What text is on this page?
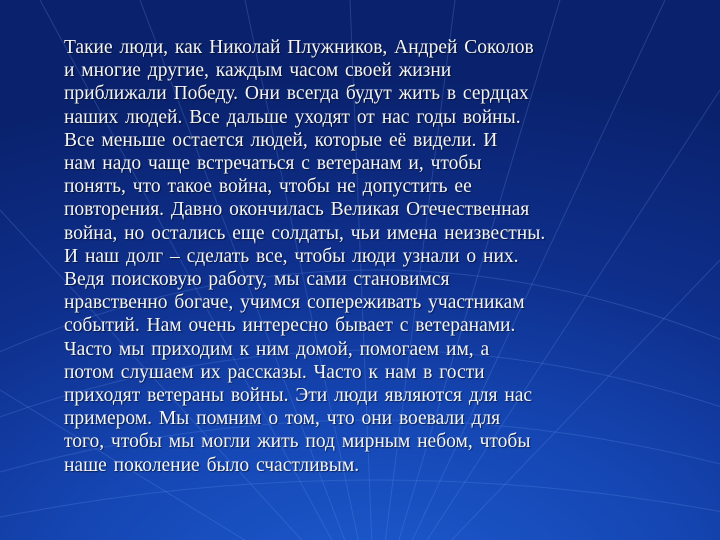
Такие люди, как Николай Плужников, Андрей Соколов
и многие другие, каждым часом своей жизни
приближали Победу. Они всегда будут жить в сердцах
наших людей. Все дальше уходят от нас годы войны.
Все меньше остается людей, которые её видели. И
нам надо чаще встречаться с ветеранам и, чтобы
понять, что такое война, чтобы не допустить ее
повторения. Давно окончилась Великая Отечественная
война, но остались еще солдаты, чьи имена неизвестны.
И наш долг – сделать все, чтобы люди узнали о них.
Ведя поисковую работу, мы сами становимся
нравственно богаче, учимся сопереживать участникам
событий. Нам очень интересно бывает с ветеранами.
Часто мы приходим к ним домой, помогаем им, а
потом слушаем их рассказы. Часто к нам в гости
приходят ветераны войны. Эти люди являются для нас
примером. Мы помним о том, что они воевали для
того, чтобы мы могли жить под мирным небом, чтобы
наше поколение было счастливым.
